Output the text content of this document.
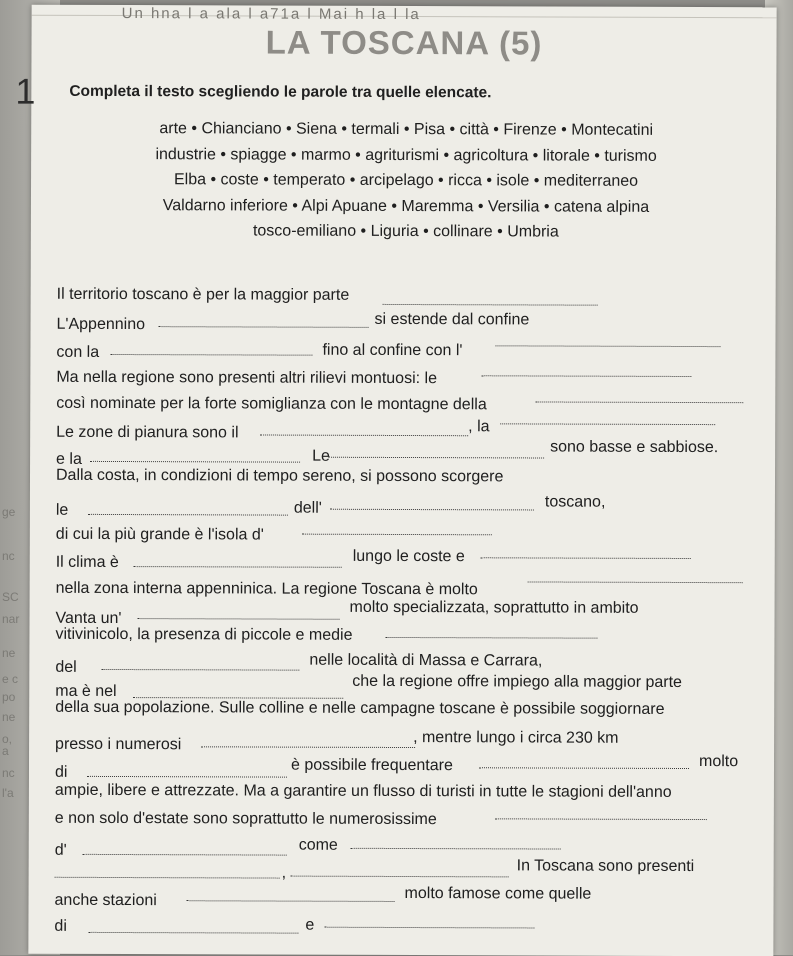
ge
nc
SC
nar
ne
e c
po
ne
o,
a
nc
l'a
Un hna l a ala l a71a l Mai h la l la
LA TOSCANA (5)
1 Completa il testo scegliendo le parole tra quelle elencate.
arte • Chianciano • Siena • termali • Pisa • città • Firenze • Montecatini
industrie • spiagge • marmo • agriturismi • agricoltura • litorale • turismo
Elba • coste • temperato • arcipelago • ricca • isole • mediterraneo
Valdarno inferiore • Alpi Apuane • Maremma • Versilia • catena alpina
tosco-emiliano • Liguria • collinare • Umbria
Il territorio toscano è per la maggior parte
L'Appennino	si estende dal confine
con la	fino al confine con l'
Ma nella regione sono presenti altri rilievi montuosi: le
così nominate per la forte somiglianza con le montagne della
Le zone di pianura sono il	, la
e la	Le
sono basse e sabbiose.
Dalla costa, in condizioni di tempo sereno, si possono scorgere
le	dell'	toscano,
di cui la più grande è l'isola d'
Il clima è	lungo le coste e
nella zona interna appenninica. La regione Toscana è molto
Vanta un'
molto specializzata, soprattutto in ambito
vitivinicolo, la presenza di piccole e medie
del	nelle località di Massa e Carrara,
ma è nel
che la regione offre impiego alla maggior parte
della sua popolazione. Sulle colline e nelle campagne toscane è possibile soggiornare
presso i numerosi	, mentre lungo i circa 230 km
di	è possibile frequentare	molto
ampie, libere e attrezzate. Ma a garantire un flusso di turisti in tutte le stagioni dell'anno
e non solo d'estate sono soprattutto le numerosissime
d'	come
,	In Toscana sono presenti
anche stazioni	molto famose come quelle
di	e
